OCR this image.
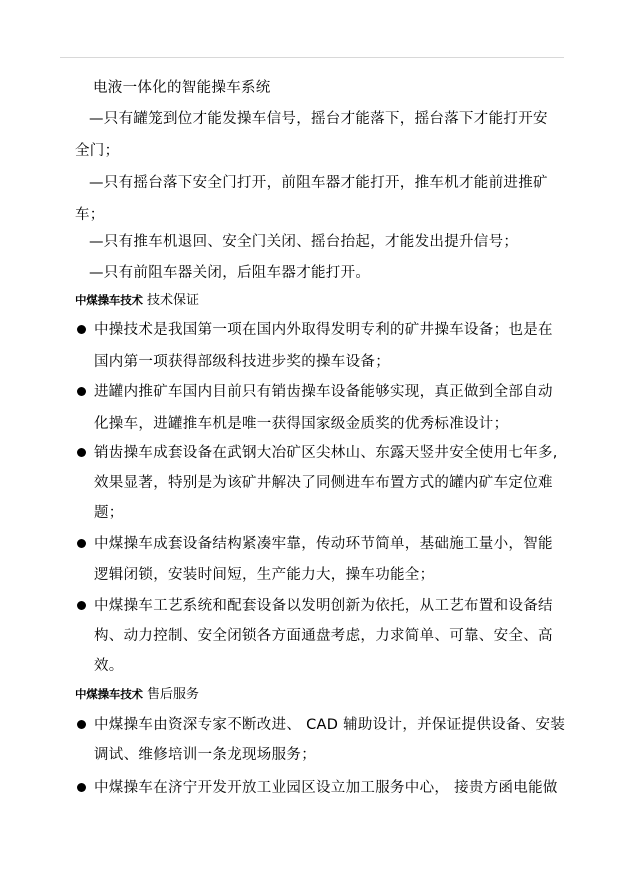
电液一体化的智能操车系统
—只有罐笼到位才能发操车信号，摇台才能落下，摇台落下才能打开安
全门；
—只有摇台落下安全门打开，前阻车器才能打开，推车机才能前进推矿
车；
—只有推车机退回、安全门关闭、摇台抬起，才能发出提升信号；
—只有前阻车器关闭，后阻车器才能打开。
中煤操车技术 技术保证
中操技术是我国第一项在国内外取得发明专利的矿井操车设备；也是在
国内第一项获得部级科技进步奖的操车设备；
进罐内推矿车国内目前只有销齿操车设备能够实现，真正做到全部自动
化操车，进罐推车机是唯一获得国家级金质奖的优秀标准设计；
销齿操车成套设备在武钢大冶矿区尖林山、东露天竖井安全使用七年多,
效果显著，特别是为该矿井解决了同侧进车布置方式的罐内矿车定位难
题；
中煤操车成套设备结构紧凑牢靠，传动环节简单，基础施工量小，智能
逻辑闭锁，安装时间短，生产能力大，操车功能全；
中煤操车工艺系统和配套设备以发明创新为依托，从工艺布置和设备结
构、动力控制、安全闭锁各方面通盘考虑，力求简单、可靠、安全、高
效。
中煤操车技术 售后服务
中煤操车由资深专家不断改进、 CAD 辅助设计，并保证提供设备、安装
调试、维修培训一条龙现场服务；
中煤操车在济宁开发开放工业园区设立加工服务中心， 接贵方函电能做
